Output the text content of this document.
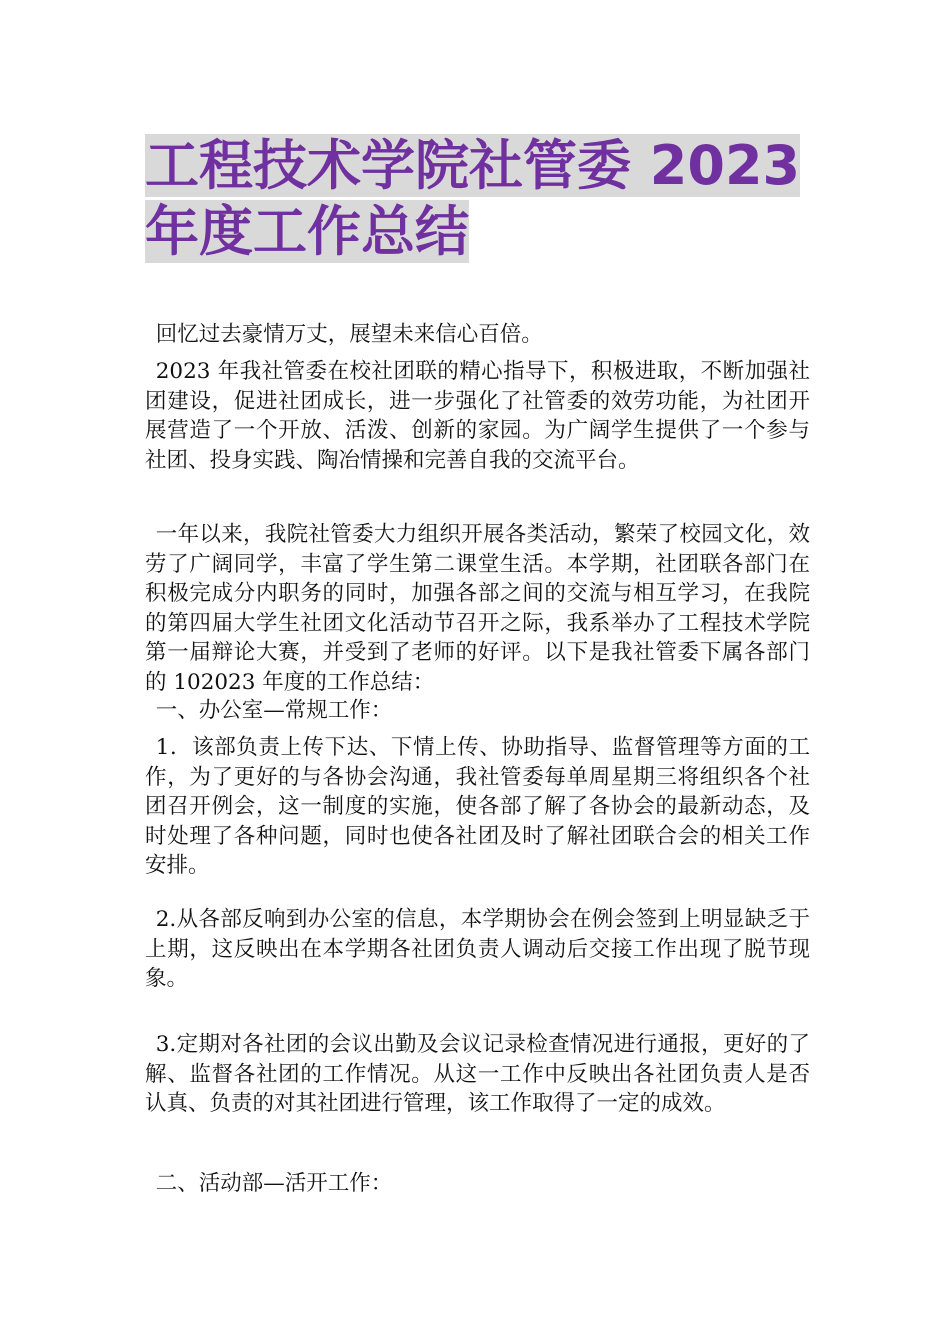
工程技术学院社管委 2023 年度工作总结

回忆过去豪情万丈，展望未来信心百倍。

2023 年我社管委在校社团联的精心指导下，积极进取，不断加强社团建设，促进社团成长，进一步强化了社管委的效劳功能，为社团开展营造了一个开放、活泼、创新的家园。为广阔学生提供了一个参与社团、投身实践、陶冶情操和完善自我的交流平台。

一年以来，我院社管委大力组织开展各类活动，繁荣了校园文化，效劳了广阔同学，丰富了学生第二课堂生活。本学期，社团联各部门在积极完成分内职务的同时，加强各部之间的交流与相互学习，在我院的第四届大学生社团文化活动节召开之际，我系举办了工程技术学院第一届辩论大赛，并受到了老师的好评。以下是我社管委下属各部门的 102023 年度的工作总结：

一、办公室—常规工作：

1．该部负责上传下达、下情上传、协助指导、监督管理等方面的工作，为了更好的与各协会沟通，我社管委每单周星期三将组织各个社团召开例会，这一制度的实施，使各部了解了各协会的最新动态，及时处理了各种问题，同时也使各社团及时了解社团联合会的相关工作安排。

2.从各部反响到办公室的信息，本学期协会在例会签到上明显缺乏于上期，这反映出在本学期各社团负责人调动后交接工作出现了脱节现象。

3.定期对各社团的会议出勤及会议记录检查情况进行通报，更好的了解、监督各社团的工作情况。从这一工作中反映出各社团负责人是否认真、负责的对其社团进行管理，该工作取得了一定的成效。

二、活动部—活开工作：
